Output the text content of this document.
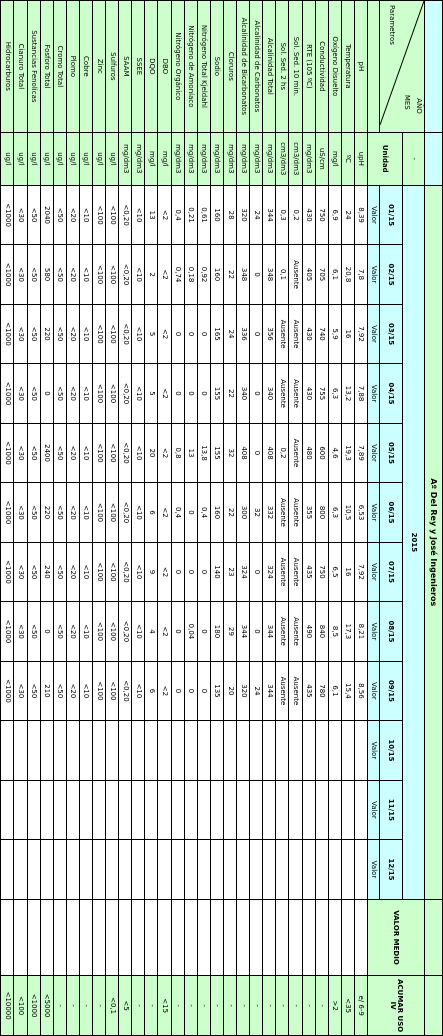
		Aº Del Rey y José Ingenieros													

AÑO
MES
Parametros	-	2015												VALOR MEDIO	ACUMAR USO IV
	Unidad	01/15	02/15	03/15	04/15	05/15	06/15	07/15	08/15	09/15	10/15	11/15	12/15		
		Valor	Valor	Valor	Valor	Valor	Valor	Valor	Valor	Valor	Valor	Valor	Valor		
pH	upH	8,39	7,8	7,92	7,88	7,89	6,53	7,92	8,21	8,56					e/ 6-9
Temperatura	ºC	24	20,8	16	13,2	19,3	10,5	16	17,3	15,4					<35
Oxígeno Disuelto	mg/l	6,9	6,1	5,9	6,3	4,6	6,3	6,5	8,5	6,1					>2
Conductividad	uS/cm	750	705	740	755	600	800	750	840	780					-
RTE (105 ºC)	mg/dm3	430	405	430	430	480	355	435	490	435					-
Sol. Sed. 10 min.	cm3/dm3	0,2	Ausente	Ausente	Ausente	Ausente	Ausente	Ausente	Ausente	Ausente					-
Sol. Sed. 2 hs	cm3/dm3	0,3	0,1	Ausente	Ausente	0,2	Ausente	Ausente	Ausente	Ausente					-
Alcalinidad Total	mg/dm3	344	348	356	340	408	332	324	344	344					-
Alcalinidad de Carbonatos	mg/dm3	24	0	0	0	0	32	0	0	24					-
Alcalinidad de Bicarbonatos	mg/dm3	320	348	336	340	408	300	324	344	320					-
Cloruros	mg/dm3	28	22	24	22	32	22	23	29	20					-
Sodio	mg/dm3	160	160	165	155	155	160	140	180	135					-
Nitrógeno Total Kjeldahl	mg/dm3	0,61	0,92	0	0	13,8	0,4	0	0	0					-
Nitrógeno de Amoníaco	mg/dm3	0,21	0,18	0	0	13	0	0	0,04	0					-
Nitrógeno Orgánico	mg/dm3	0,4	0,74	0	0	0,8	0,4	0	0	0					-
DBO	mg/l	<2	<2	<2	<2	<2	<2	<2	<2	<2					<15
DQO	mg/l	13	2	5	5	20	6	9	4	6					-
SSEE	mg/dm3	<10	<10	<10	<10	<10	<10	<10	<10	<10					-
SAAM	mg/dm3	<0,20	<0,20	<0,20	<0,20	<0,20	<0,20	<0,20	<0,20	<0,20					<5
Sulfuros	ug/l	<100	<100	<100	<100	<100	<100	<100	<100	<100					<0,1
Zinc	ug/l	<100	<100	<100	<100	<100	<100	<100	<100	<100					-
Cobre	ug/l	<10	<10	<10	<10	<10	<10	<10	<10	<10					-
Plomo	ug/l	<20	<20	<20	<20	<20	<20	<20	<20	<20					-
Cromo Total	ug/l	<50	<50	<50	<50	<50	<50	<50	<50	<50					-
Fosforo Total	ug/l	2040	580	220	0	2400	220	240	0	210					<5000
Sustancias Fenolicas	ug/l	<50	<50	<50	<50	<50	<50	<50	<50	<50					<1000
Cianuro Total	ug/l	<30	<30	<30	<30	<30	<30	<30	<30	<30					<100
Hidrocarburos	ug/l	<1000	<1000	<1000	<1000	<1000	<1000	<1000	<1000	<1000					<10000
